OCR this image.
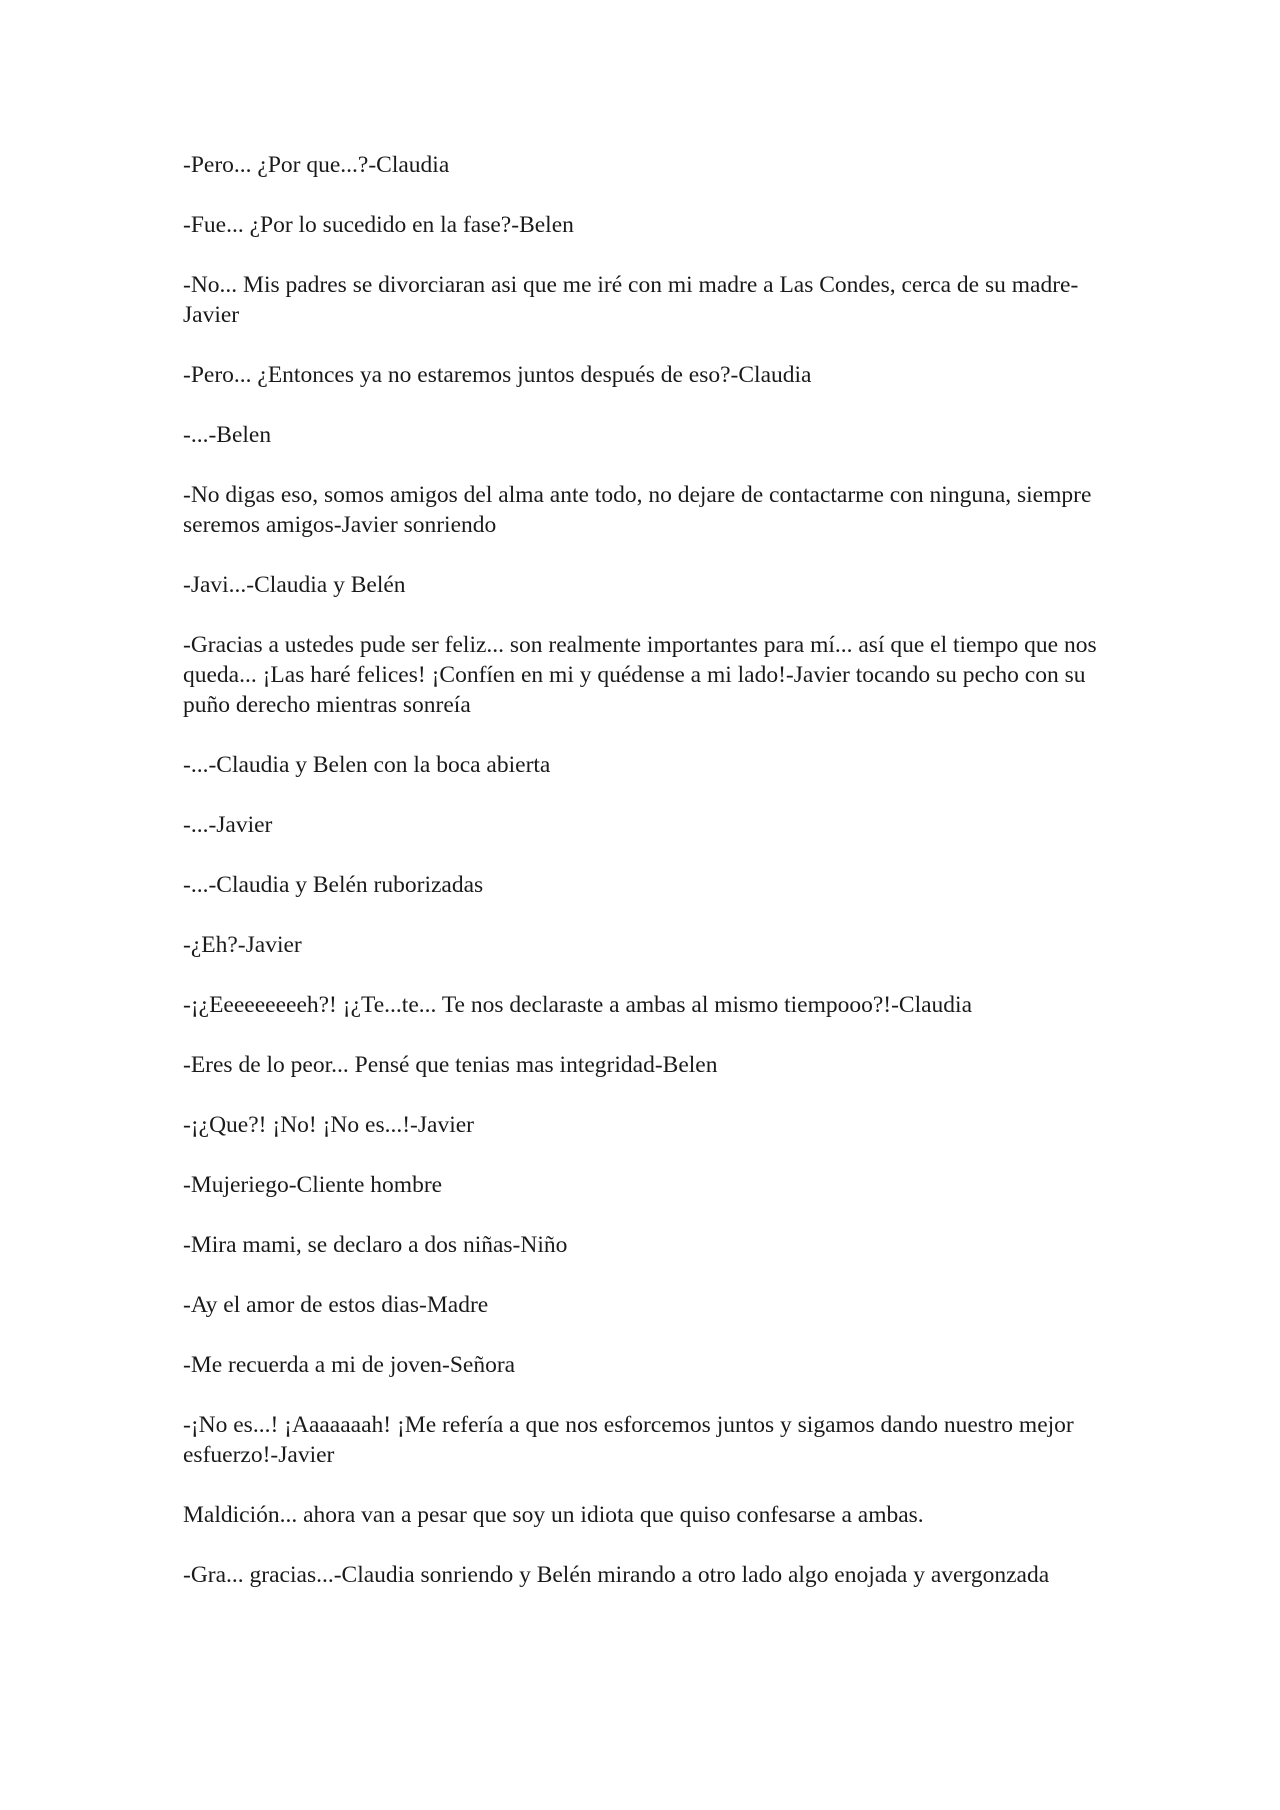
-Pero... ¿Por que...?-Claudia

-Fue... ¿Por lo sucedido en la fase?-Belen

-No... Mis padres se divorciaran asi que me iré con mi madre a Las Condes, cerca de su madre-Javier

-Pero... ¿Entonces ya no estaremos juntos después de eso?-Claudia

-...-Belen

-No digas eso, somos amigos del alma ante todo, no dejare de contactarme con ninguna, siempre seremos amigos-Javier sonriendo

-Javi...-Claudia y Belén

-Gracias a ustedes pude ser feliz... son realmente importantes para mí... así que el tiempo que nos queda... ¡Las haré felices! ¡Confíen en mi y quédense a mi lado!-Javier tocando su pecho con su puño derecho mientras sonreía

-...-Claudia y Belen con la boca abierta

-...-Javier

-...-Claudia y Belén ruborizadas

-¿Eh?-Javier

-¡¿Eeeeeeeeeh?! ¡¿Te...te... Te nos declaraste a ambas al mismo tiempooo?!-Claudia

-Eres de lo peor... Pensé que tenias mas integridad-Belen

-¡¿Que?! ¡No! ¡No es...!-Javier

-Mujeriego-Cliente hombre

-Mira mami, se declaro a dos niñas-Niño

-Ay el amor de estos dias-Madre

-Me recuerda a mi de joven-Señora

-¡No es...! ¡Aaaaaaah! ¡Me refería a que nos esforcemos juntos y sigamos dando nuestro mejor esfuerzo!-Javier

Maldición... ahora van a pesar que soy un idiota que quiso confesarse a ambas.

-Gra... gracias...-Claudia sonriendo y Belén mirando a otro lado algo enojada y avergonzada
